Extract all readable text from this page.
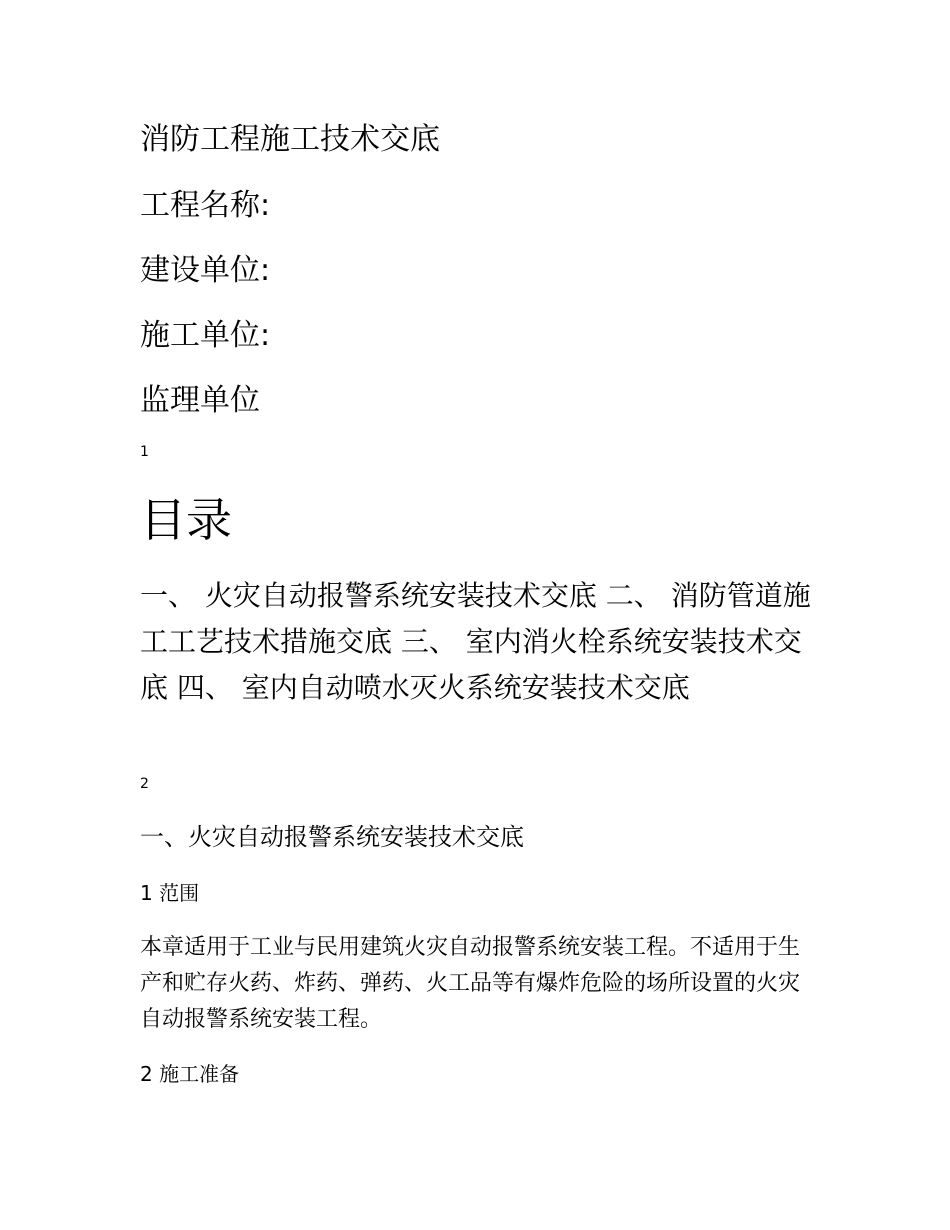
消防工程施工技术交底
工程名称:
建设单位:
施工单位:
监理单位
1
目录
一、 火灾自动报警系统安装技术交底 二、 消防管道施工工艺技术措施交底 三、 室内消火栓系统安装技术交底 四、 室内自动喷水灭火系统安装技术交底
2
一、火灾自动报警系统安装技术交底
1 范围
本章适用于工业与民用建筑火灾自动报警系统安装工程。不适用于生产和贮存火药、炸药、弹药、火工品等有爆炸危险的场所设置的火灾自动报警系统安装工程。
2 施工准备
